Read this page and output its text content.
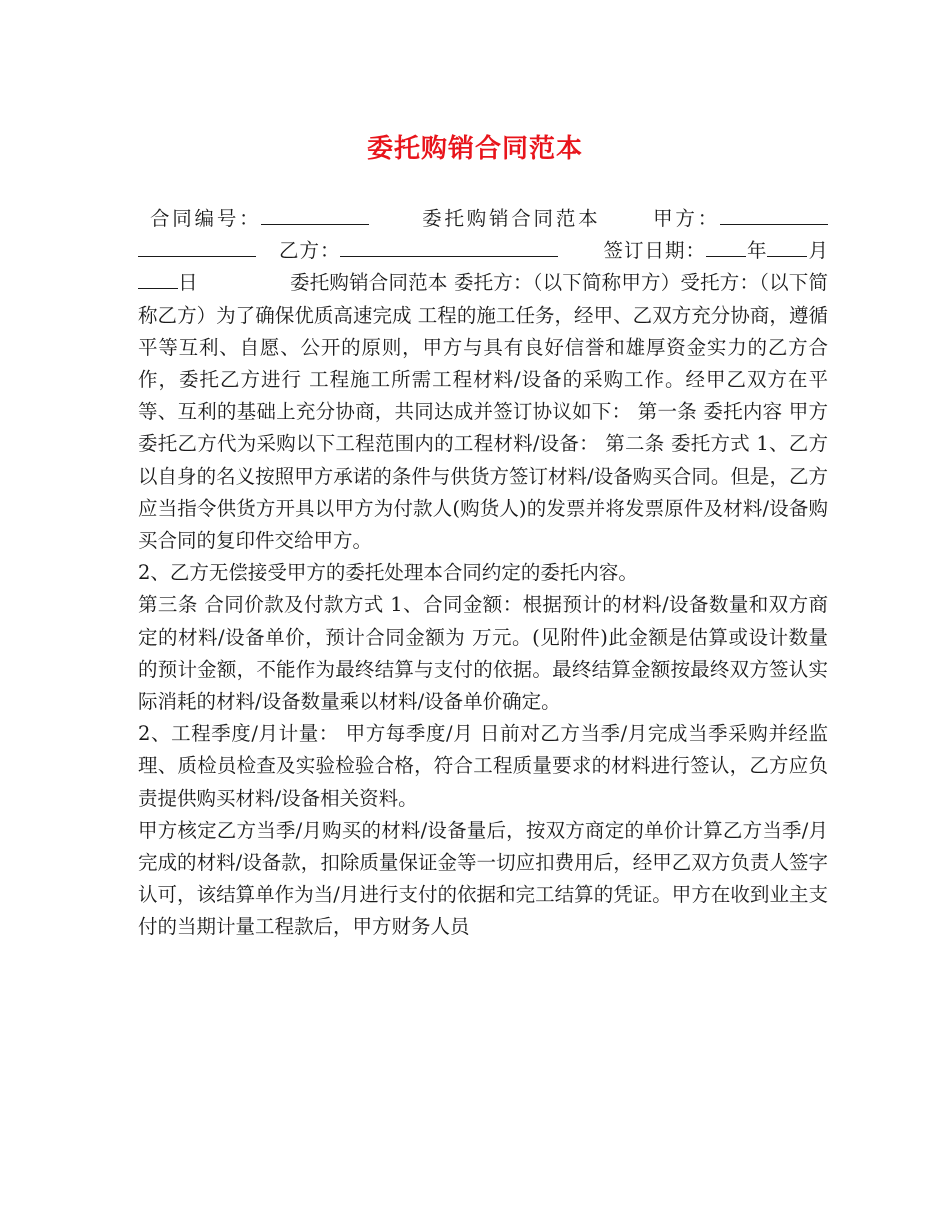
委托购销合同范本

合同编号：	委托购销合同范本	甲方：乙方：	签订日期： 年 月日	委托购销合同范本 委托方：（以下简称甲方）受托方：（以下简称乙方）为了确保优质高速完成 工程的施工任务，经甲、乙双方充分协商，遵循平等互利、自愿、公开的原则，甲方与具有良好信誉和雄厚资金实力的乙方合作，委托乙方进行 工程施工所需工程材料/设备的采购工作。经甲乙双方在平等、互利的基础上充分协商，共同达成并签订协议如下： 第一条 委托内容 甲方委托乙方代为采购以下工程范围内的工程材料/设备： 第二条 委托方式 1、乙方以自身的名义按照甲方承诺的条件与供货方签订材料/设备购买合同。但是，乙方应当指令供货方开具以甲方为付款人(购货人)的发票并将发票原件及材料/设备购买合同的复印件交给甲方。

2、乙方无偿接受甲方的委托处理本合同约定的委托内容。

第三条 合同价款及付款方式 1、合同金额：根据预计的材料/设备数量和双方商定的材料/设备单价，预计合同金额为 万元。(见附件)此金额是估算或设计数量的预计金额，不能作为最终结算与支付的依据。最终结算金额按最终双方签认实际消耗的材料/设备数量乘以材料/设备单价确定。

2、工程季度/月计量： 甲方每季度/月 日前对乙方当季/月完成当季采购并经监理、质检员检查及实验检验合格，符合工程质量要求的材料进行签认，乙方应负责提供购买材料/设备相关资料。

甲方核定乙方当季/月购买的材料/设备量后，按双方商定的单价计算乙方当季/月完成的材料/设备款，扣除质量保证金等一切应扣费用后，经甲乙双方负责人签字认可，该结算单作为当/月进行支付的依据和完工结算的凭证。甲方在收到业主支付的当期计量工程款后，甲方财务人员
